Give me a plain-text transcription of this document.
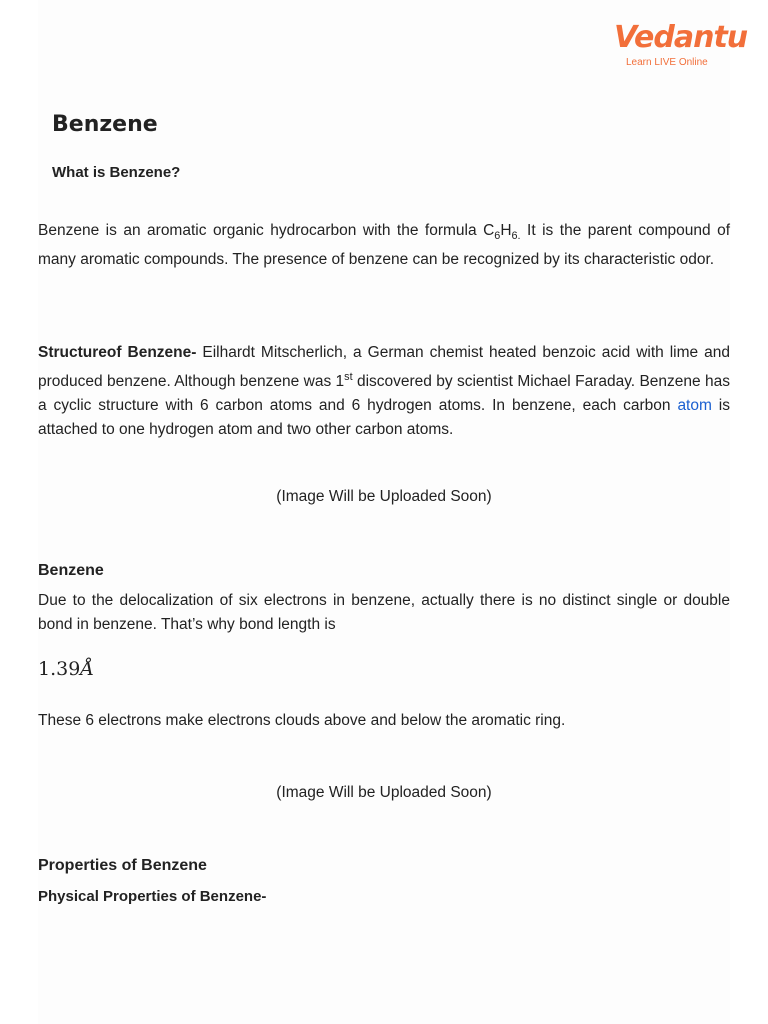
Vedantu
Learn LIVE Online
Benzene
What is Benzene?

Benzene is an aromatic organic hydrocarbon with the formula $C_6H_{6.}$ It is the parent compound of many aromatic compounds. The presence of benzene can be recognized by its characteristic odor.

Structureof Benzene- Eilhardt Mitscherlich, a German chemist heated benzoic acid with lime and produced benzene. Although benzene was 1st discovered by scientist Michael Faraday. Benzene has a cyclic structure with 6 carbon atoms and 6 hydrogen atoms. In benzene, each carbon atom is attached to one hydrogen atom and two other carbon atoms.

(Image Will be Uploaded Soon)
Benzene
Due to the delocalization of six electrons in benzene, actually there is no distinct single or double bond in benzene. That’s why bond length is
1.39Å
These 6 electrons make electrons clouds above and below the aromatic ring.
(Image Will be Uploaded Soon)
Properties of Benzene
Physical Properties of Benzene-
